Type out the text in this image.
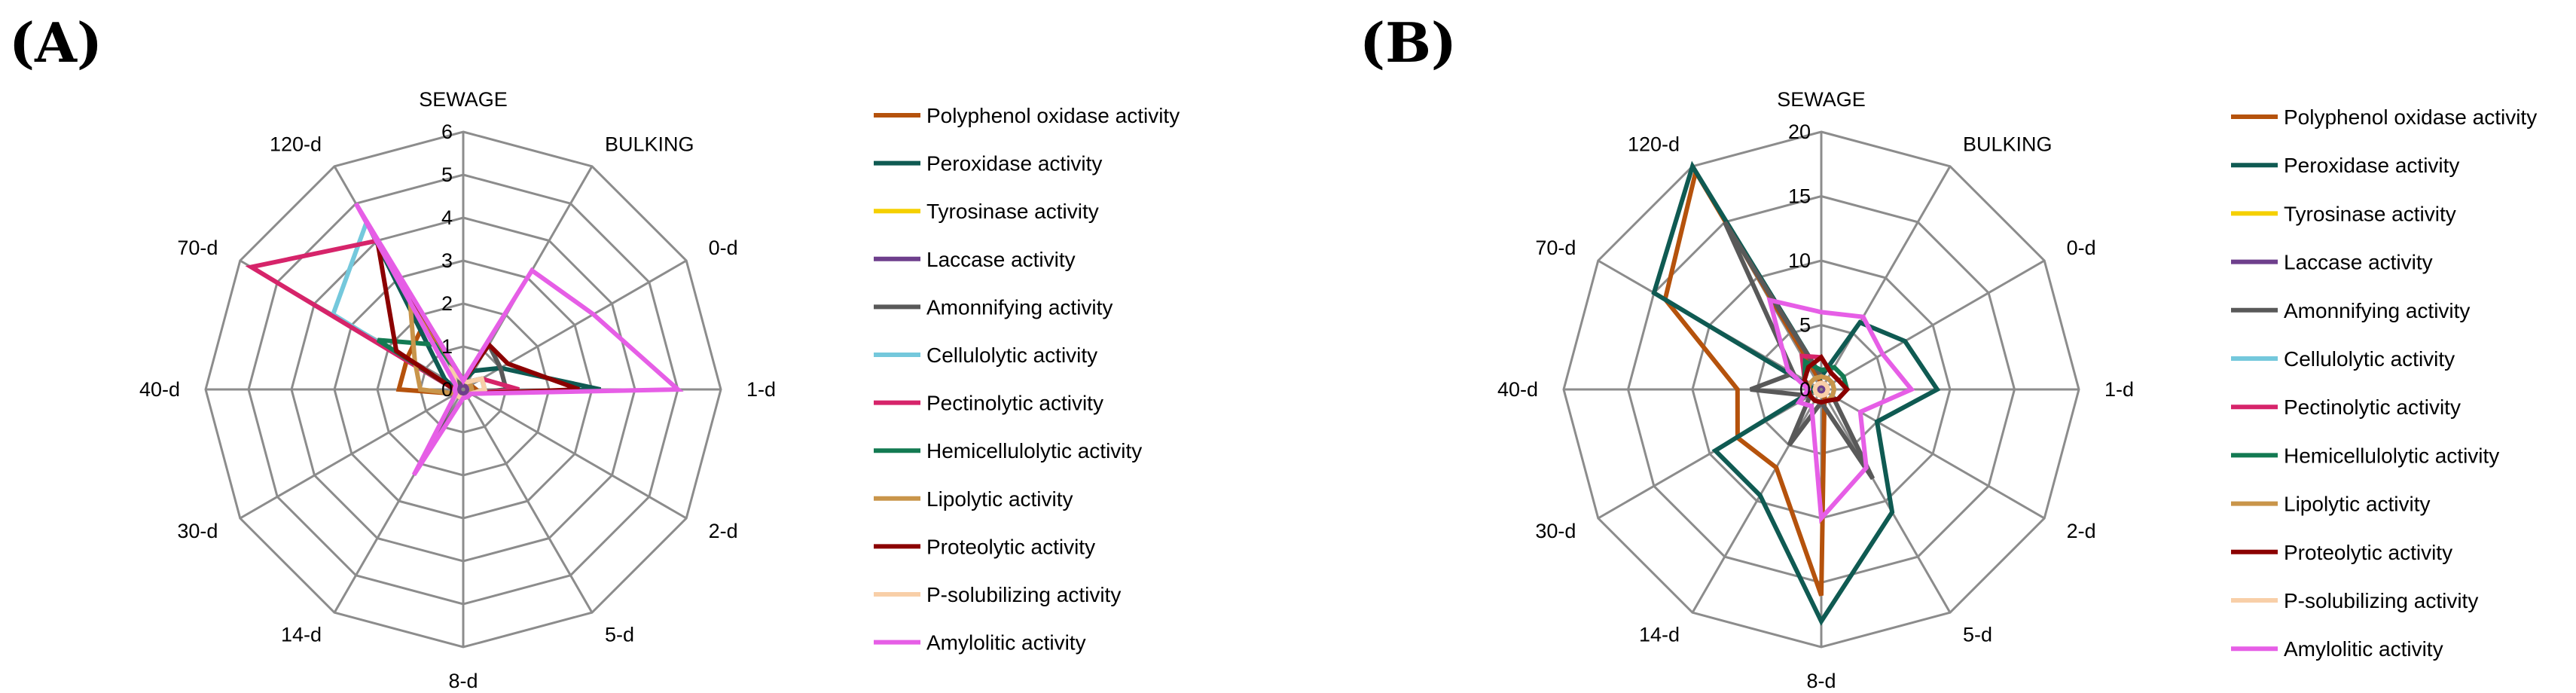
(A)
0
1
2
3
4
5
6
SEWAGE
BULKING
0-d
1-d
2-d
5-d
8-d
14-d
30-d
40-d
70-d
120-d
Polyphenol oxidase activity
Peroxidase activity
Tyrosinase activity
Laccase activity
Amonnifying activity
Cellulolytic activity
Pectinolytic activity
Hemicellulolytic activity
Lipolytic activity
Proteolytic activity
P-solubilizing activity
Amylolitic activity
(B)
0
5
10
15
20
SEWAGE
BULKING
0-d
1-d
2-d
5-d
8-d
14-d
30-d
40-d
70-d
120-d
Polyphenol oxidase activity
Peroxidase activity
Tyrosinase activity
Laccase activity
Amonnifying activity
Cellulolytic activity
Pectinolytic activity
Hemicellulolytic activity
Lipolytic activity
Proteolytic activity
P-solubilizing activity
Amylolitic activity
